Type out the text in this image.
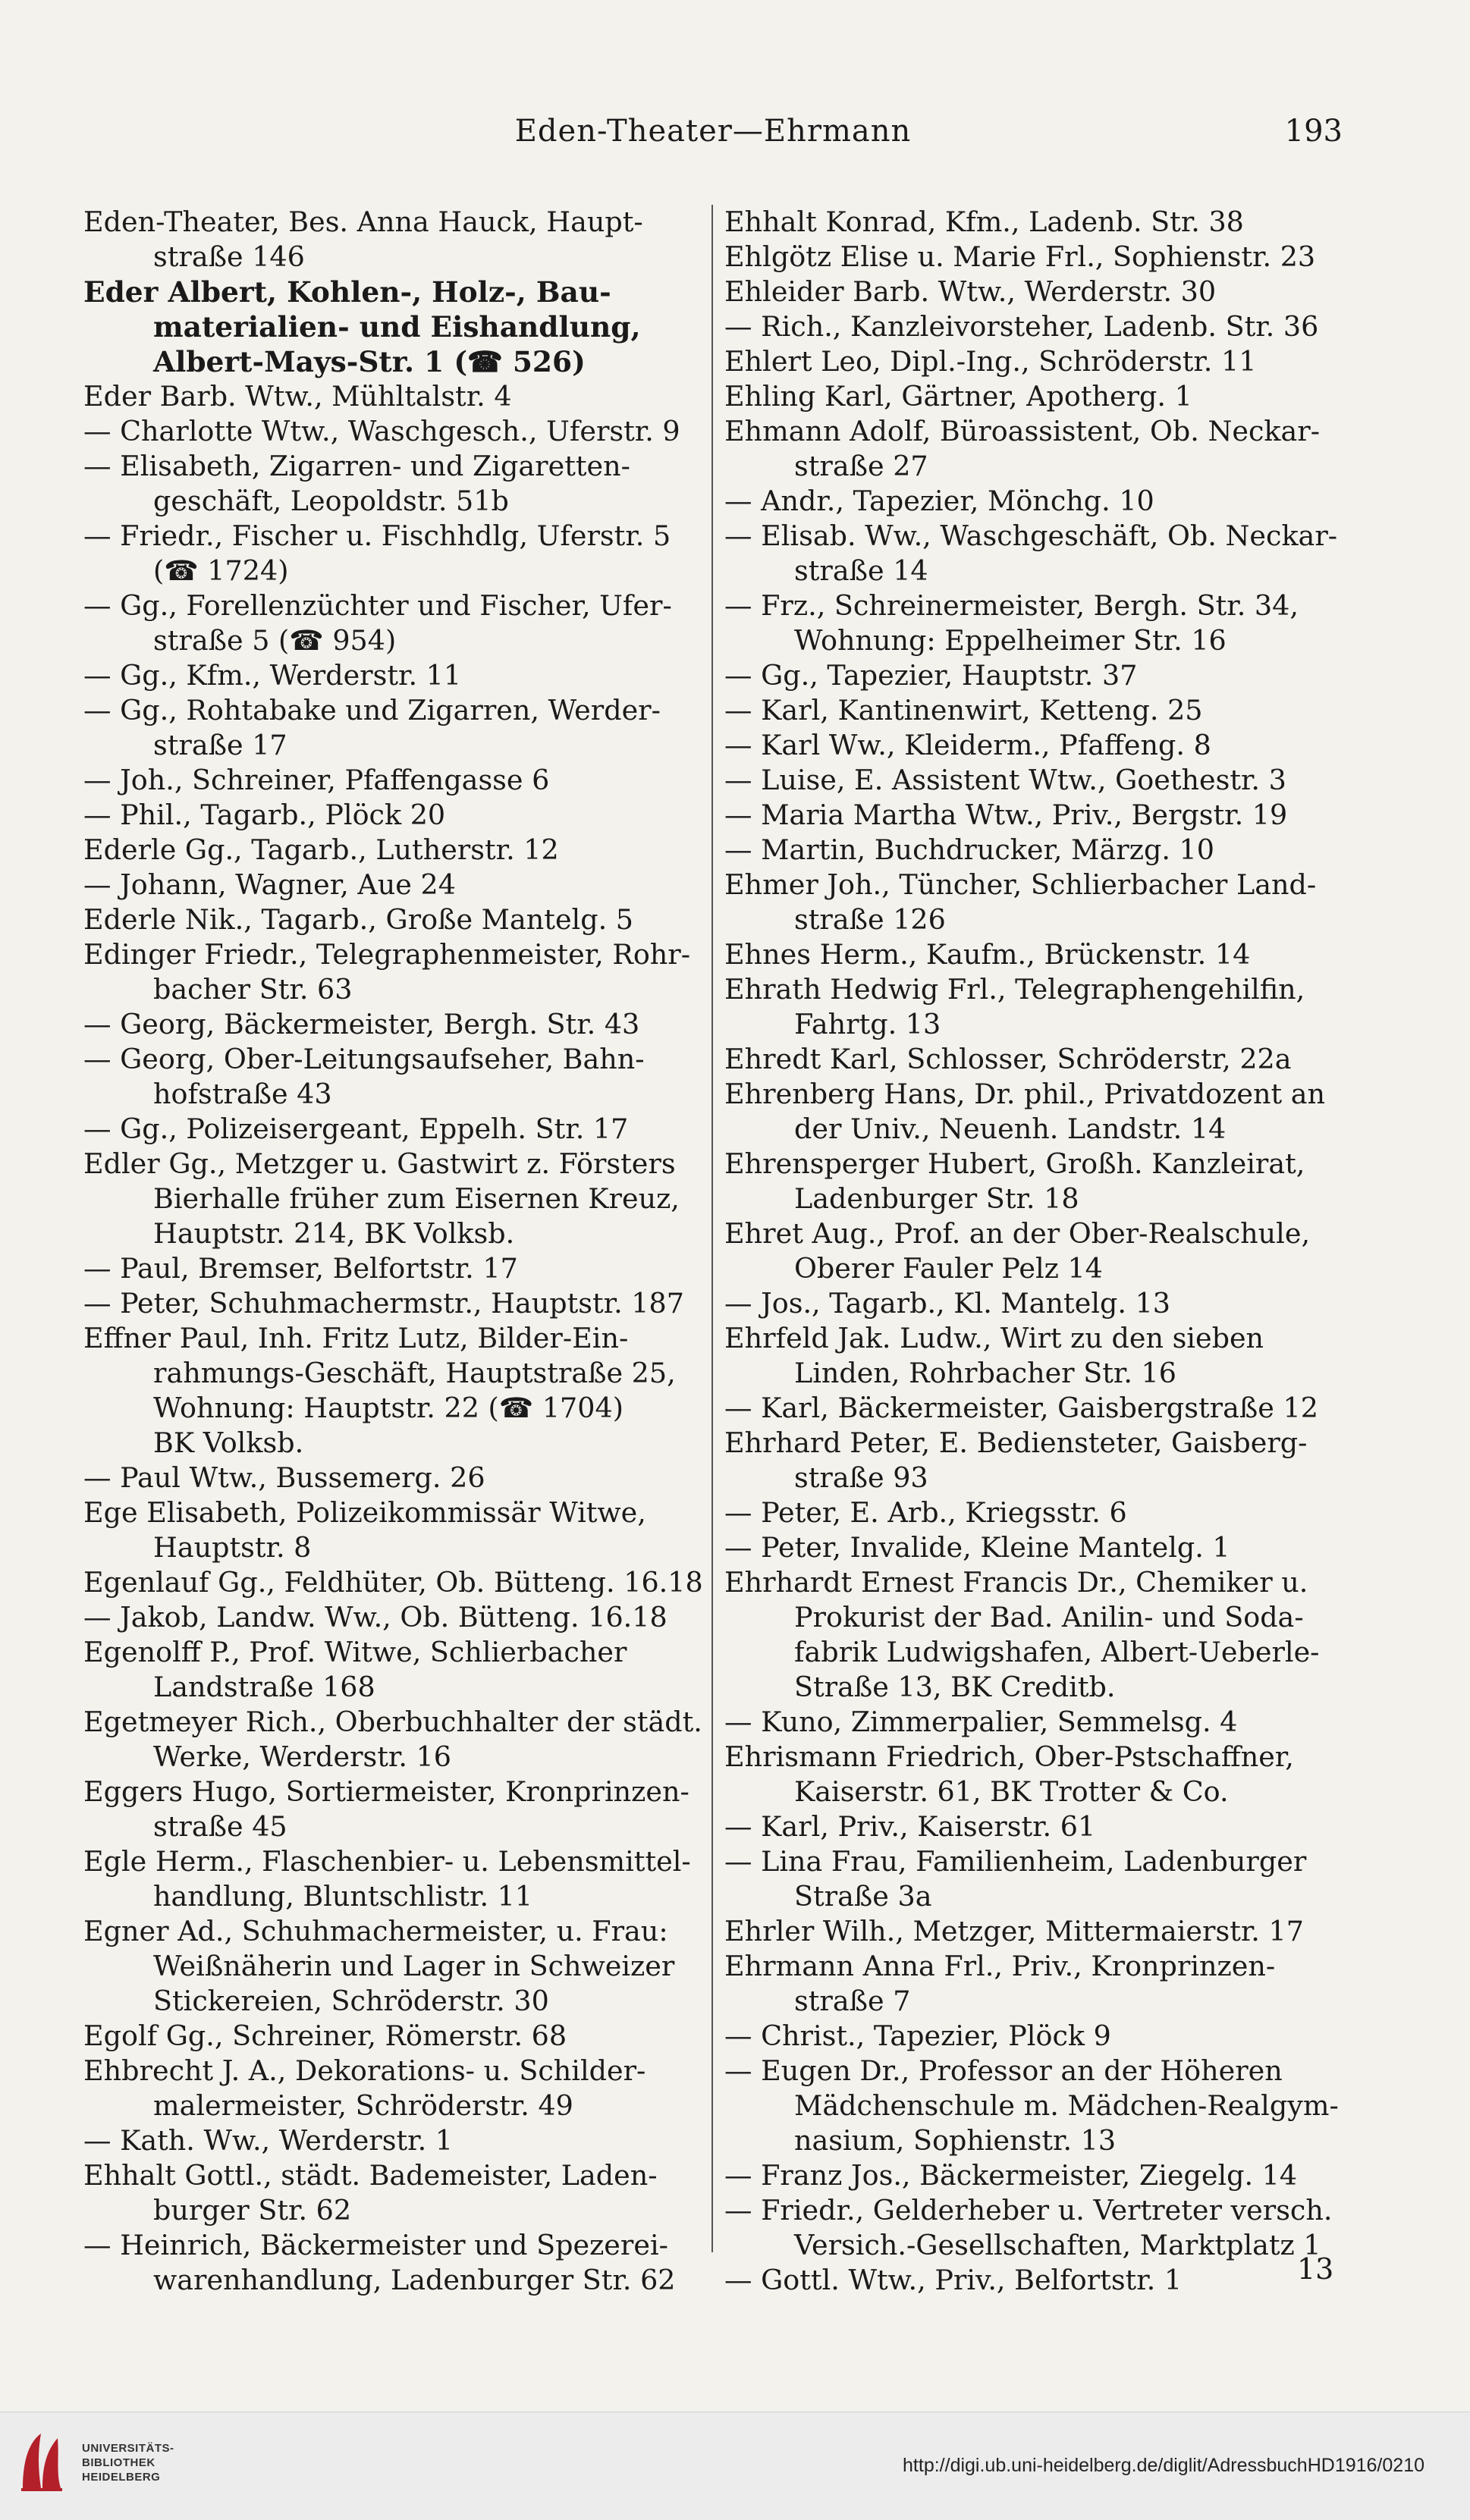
Eden-Theater—Ehrmann	193
Eden-Theater, Bes. Anna Hauck, Haupt-
straße 146
Eder Albert, Kohlen-, Holz-, Bau-
materialien- und Eishandlung,
Albert-Mays-Str. 1 (☎ 526)
Eder Barb. Wtw., Mühltalstr. 4
— Charlotte Wtw., Waschgesch., Uferstr. 9
— Elisabeth, Zigarren- und Zigaretten-
geschäft, Leopoldstr. 51b
— Friedr., Fischer u. Fischhdlg, Uferstr. 5
(☎ 1724)
— Gg., Forellenzüchter und Fischer, Ufer-
straße 5 (☎ 954)
— Gg., Kfm., Werderstr. 11
— Gg., Rohtabake und Zigarren, Werder-
straße 17
— Joh., Schreiner, Pfaffengasse 6
— Phil., Tagarb., Plöck 20
Ederle Gg., Tagarb., Lutherstr. 12
— Johann, Wagner, Aue 24
Ederle Nik., Tagarb., Große Mantelg. 5
Edinger Friedr., Telegraphenmeister, Rohr-
bacher Str. 63
— Georg, Bäckermeister, Bergh. Str. 43
— Georg, Ober-Leitungsaufseher, Bahn-
hofstraße 43
— Gg., Polizeisergeant, Eppelh. Str. 17
Edler Gg., Metzger u. Gastwirt z. Försters
Bierhalle früher zum Eisernen Kreuz,
Hauptstr. 214, BK Volksb.
— Paul, Bremser, Belfortstr. 17
— Peter, Schuhmachermstr., Hauptstr. 187
Effner Paul, Inh. Fritz Lutz, Bilder-Ein-
rahmungs-Geschäft, Hauptstraße 25,
Wohnung: Hauptstr. 22 (☎ 1704)
BK Volksb.
— Paul Wtw., Bussemerg. 26
Ege Elisabeth, Polizeikommissär Witwe,
Hauptstr. 8
Egenlauf Gg., Feldhüter, Ob. Bütteng. 16.18
— Jakob, Landw. Ww., Ob. Bütteng. 16.18
Egenolff P., Prof. Witwe, Schlierbacher
Landstraße 168
Egetmeyer Rich., Oberbuchhalter der städt.
Werke, Werderstr. 16
Eggers Hugo, Sortiermeister, Kronprinzen-
straße 45
Egle Herm., Flaschenbier- u. Lebensmittel-
handlung, Bluntschlistr. 11
Egner Ad., Schuhmachermeister, u. Frau:
Weißnäherin und Lager in Schweizer
Stickereien, Schröderstr. 30
Egolf Gg., Schreiner, Römerstr. 68
Ehbrecht J. A., Dekorations- u. Schilder-
malermeister, Schröderstr. 49
— Kath. Ww., Werderstr. 1
Ehhalt Gottl., städt. Bademeister, Laden-
burger Str. 62
— Heinrich, Bäckermeister und Spezerei-
warenhandlung, Ladenburger Str. 62
Ehhalt Konrad, Kfm., Ladenb. Str. 38
Ehlgötz Elise u. Marie Frl., Sophienstr. 23
Ehleider Barb. Wtw., Werderstr. 30
— Rich., Kanzleivorsteher, Ladenb. Str. 36
Ehlert Leo, Dipl.-Ing., Schröderstr. 11
Ehling Karl, Gärtner, Apotherg. 1
Ehmann Adolf, Büroassistent, Ob. Neckar-
straße 27
— Andr., Tapezier, Mönchg. 10
— Elisab. Ww., Waschgeschäft, Ob. Neckar-
straße 14
— Frz., Schreinermeister, Bergh. Str. 34,
Wohnung: Eppelheimer Str. 16
— Gg., Tapezier, Hauptstr. 37
— Karl, Kantinenwirt, Ketteng. 25
— Karl Ww., Kleiderm., Pfaffeng. 8
— Luise, E. Assistent Wtw., Goethestr. 3
— Maria Martha Wtw., Priv., Bergstr. 19
— Martin, Buchdrucker, Märzg. 10
Ehmer Joh., Tüncher, Schlierbacher Land-
straße 126
Ehnes Herm., Kaufm., Brückenstr. 14
Ehrath Hedwig Frl., Telegraphengehilfin,
Fahrtg. 13
Ehredt Karl, Schlosser, Schröderstr, 22a
Ehrenberg Hans, Dr. phil., Privatdozent an
der Univ., Neuenh. Landstr. 14
Ehrensperger Hubert, Großh. Kanzleirat,
Ladenburger Str. 18
Ehret Aug., Prof. an der Ober-Realschule,
Oberer Fauler Pelz 14
— Jos., Tagarb., Kl. Mantelg. 13
Ehrfeld Jak. Ludw., Wirt zu den sieben
Linden, Rohrbacher Str. 16
— Karl, Bäckermeister, Gaisbergstraße 12
Ehrhard Peter, E. Bediensteter, Gaisberg-
straße 93
— Peter, E. Arb., Kriegsstr. 6
— Peter, Invalide, Kleine Mantelg. 1
Ehrhardt Ernest Francis Dr., Chemiker u.
Prokurist der Bad. Anilin- und Soda-
fabrik Ludwigshafen, Albert-Ueberle-
Straße 13, BK Creditb.
— Kuno, Zimmerpalier, Semmelsg. 4
Ehrismann Friedrich, Ober-Pstschaffner,
Kaiserstr. 61, BK Trotter & Co.
— Karl, Priv., Kaiserstr. 61
— Lina Frau, Familienheim, Ladenburger
Straße 3a
Ehrler Wilh., Metzger, Mittermaierstr. 17
Ehrmann Anna Frl., Priv., Kronprinzen-
straße 7
— Christ., Tapezier, Plöck 9
— Eugen Dr., Professor an der Höheren
Mädchenschule m. Mädchen-Realgym-
nasium, Sophienstr. 13
— Franz Jos., Bäckermeister, Ziegelg. 14
— Friedr., Gelderheber u. Vertreter versch.
Versich.-Gesellschaften, Marktplatz 1
— Gottl. Wtw., Priv., Belfortstr. 1	13
UNIVERSITÄTS-
BIBLIOTHEK
HEIDELBERG
http://digi.ub.uni-heidelberg.de/diglit/AdressbuchHD1916/0210
